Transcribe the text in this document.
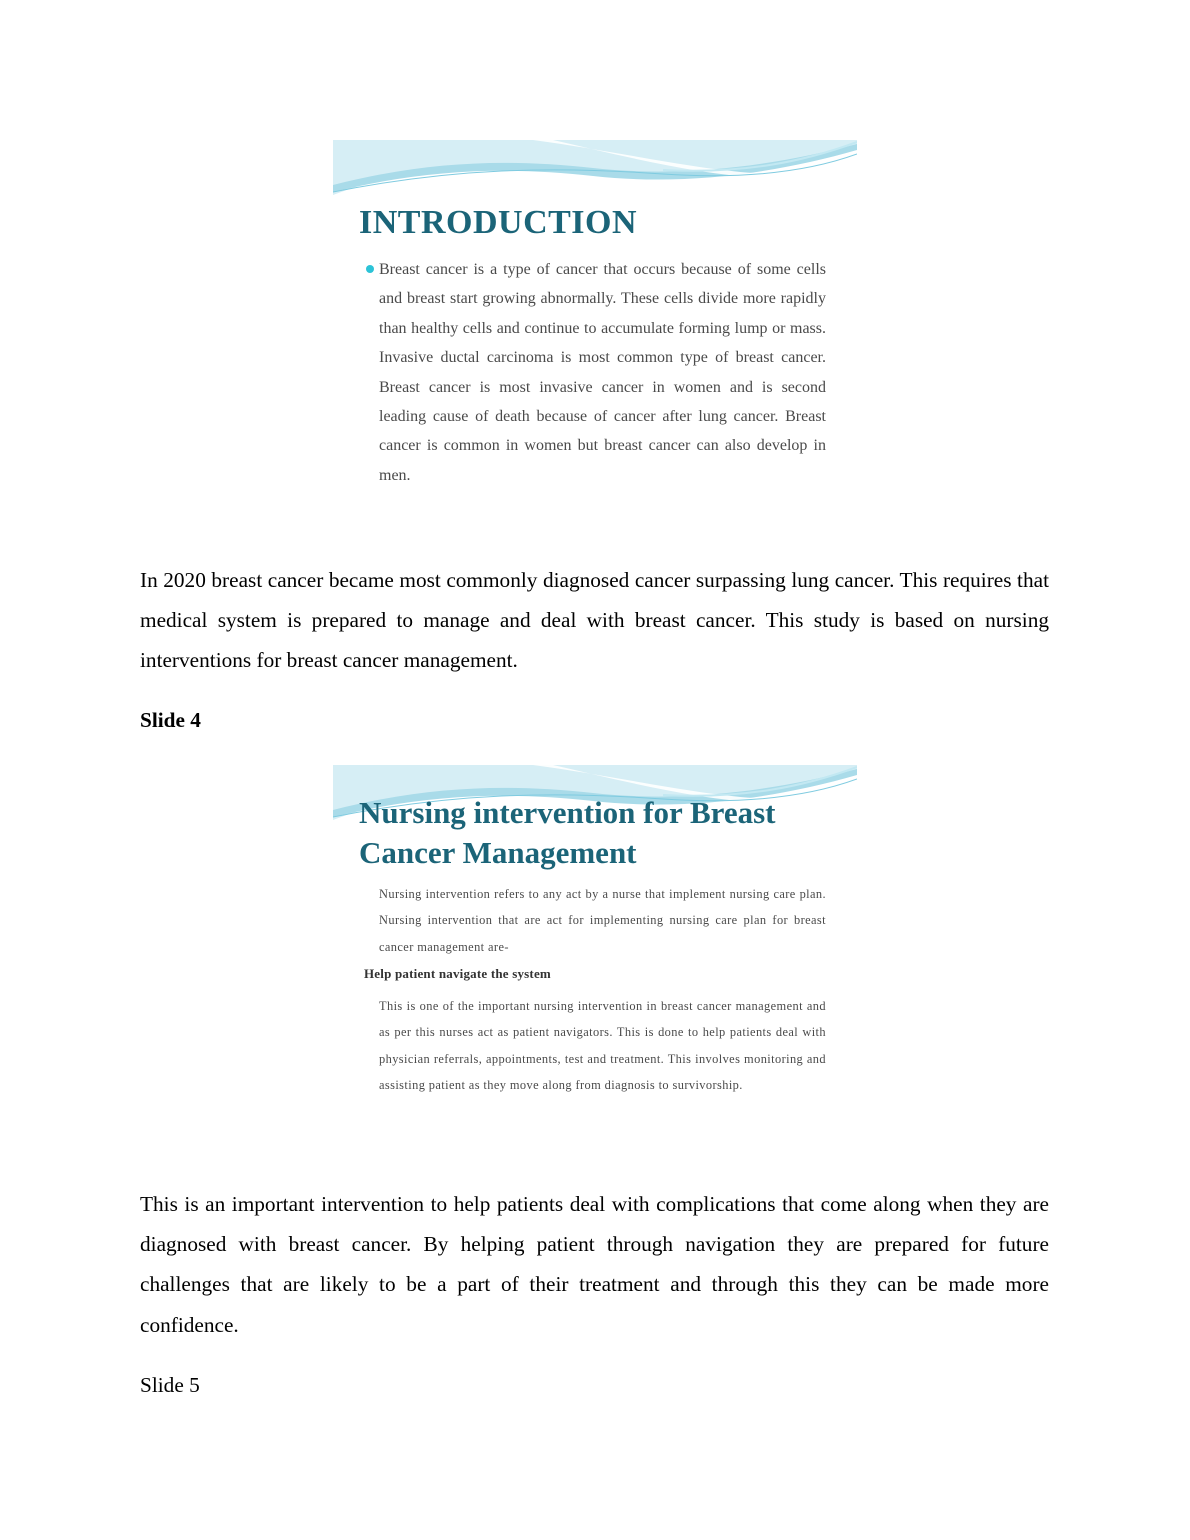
INTRODUCTION

Breast cancer is a type of cancer that occurs because of some cells and breast start growing abnormally. These cells divide more rapidly than healthy cells and continue to accumulate forming lump or mass. Invasive ductal carcinoma is most common type of breast cancer. Breast cancer is most invasive cancer in women and is second leading cause of death because of cancer after lung cancer. Breast cancer is common in women but breast cancer can also develop in men.

In 2020 breast cancer became most commonly diagnosed cancer surpassing lung cancer. This requires that medical system is prepared to manage and deal with breast cancer. This study is based on nursing interventions for breast cancer management.

Slide 4

Nursing intervention for Breast Cancer Management

Nursing intervention refers to any act by a nurse that implement nursing care plan. Nursing intervention that are act for implementing nursing care plan for breast cancer management are-

Help patient navigate the system

This is one of the important nursing intervention in breast cancer management and as per this nurses act as patient navigators. This is done to help patients deal with physician referrals, appointments, test and treatment. This involves monitoring and assisting patient as they move along from diagnosis to survivorship.

This is an important intervention to help patients deal with complications that come along when they are diagnosed with breast cancer. By helping patient through navigation they are prepared for future challenges that are likely to be a part of their treatment and through this they can be made more confidence.

Slide 5
